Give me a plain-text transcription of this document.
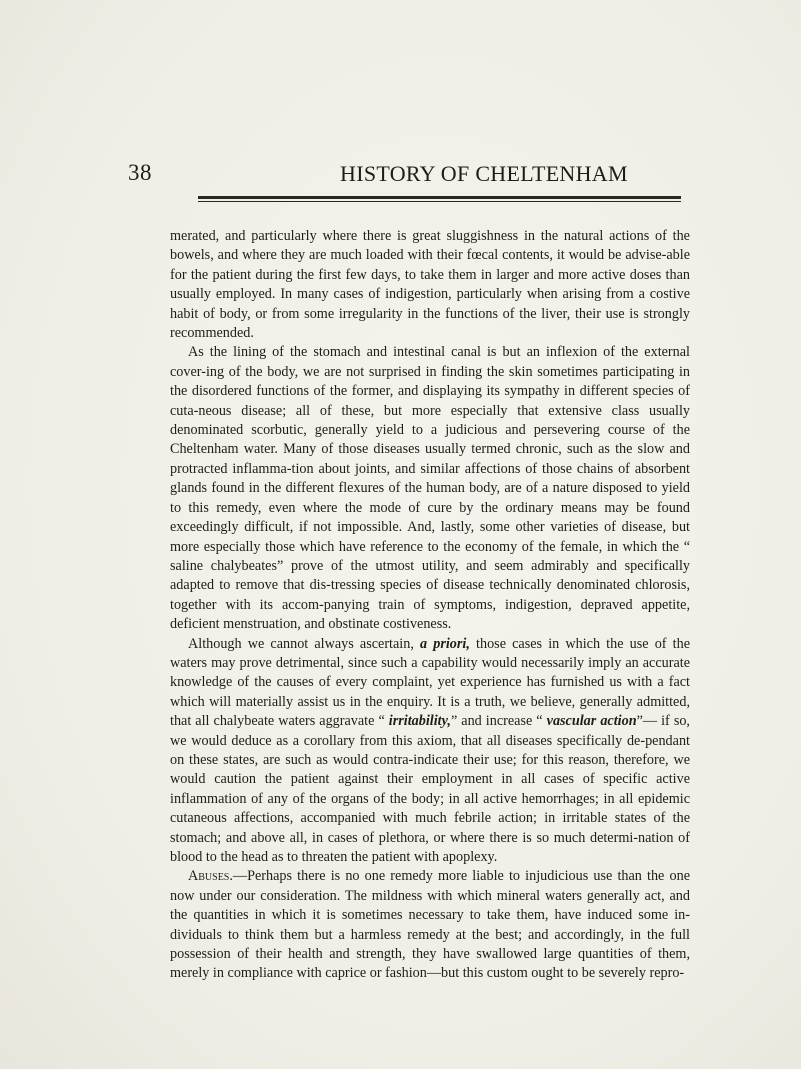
38	HISTORY OF CHELTENHAM

merated, and particularly where there is great sluggishness in the natural actions of the bowels, and where they are much loaded with their fœcal contents, it would be advise-able for the patient during the first few days, to take them in larger and more active doses than usually employed. In many cases of indigestion, particularly when arising from a costive habit of body, or from some irregularity in the functions of the liver, their use is strongly recommended.

As the lining of the stomach and intestinal canal is but an inflexion of the external cover-ing of the body, we are not surprised in finding the skin sometimes participating in the disordered functions of the former, and displaying its sympathy in different species of cuta-neous disease; all of these, but more especially that extensive class usually denominated scorbutic, generally yield to a judicious and persevering course of the Cheltenham water. Many of those diseases usually termed chronic, such as the slow and protracted inflamma-tion about joints, and similar affections of those chains of absorbent glands found in the different flexures of the human body, are of a nature disposed to yield to this remedy, even where the mode of cure by the ordinary means may be found exceedingly difficult, if not impossible. And, lastly, some other varieties of disease, but more especially those which have reference to the economy of the female, in which the “ saline chalybeates” prove of the utmost utility, and seem admirably and specifically adapted to remove that dis-tressing species of disease technically denominated chlorosis, together with its accom-panying train of symptoms, indigestion, depraved appetite, deficient menstruation, and obstinate costiveness.

Although we cannot always ascertain, a priori, those cases in which the use of the waters may prove detrimental, since such a capability would necessarily imply an accurate knowledge of the causes of every complaint, yet experience has furnished us with a fact which will materially assist us in the enquiry. It is a truth, we believe, generally admitted, that all chalybeate waters aggravate “ irritability,” and increase “ vascular action”— if so, we would deduce as a corollary from this axiom, that all diseases specifically de-pendant on these states, are such as would contra-indicate their use; for this reason, therefore, we would caution the patient against their employment in all cases of specific active inflammation of any of the organs of the body; in all active hemorrhages; in all epidemic cutaneous affections, accompanied with much febrile action; in irritable states of the stomach; and above all, in cases of plethora, or where there is so much determi-nation of blood to the head as to threaten the patient with apoplexy.

Abuses.—Perhaps there is no one remedy more liable to injudicious use than the one now under our consideration. The mildness with which mineral waters generally act, and the quantities in which it is sometimes necessary to take them, have induced some in-dividuals to think them but a harmless remedy at the best; and accordingly, in the full possession of their health and strength, they have swallowed large quantities of them, merely in compliance with caprice or fashion—but this custom ought to be severely repro-
